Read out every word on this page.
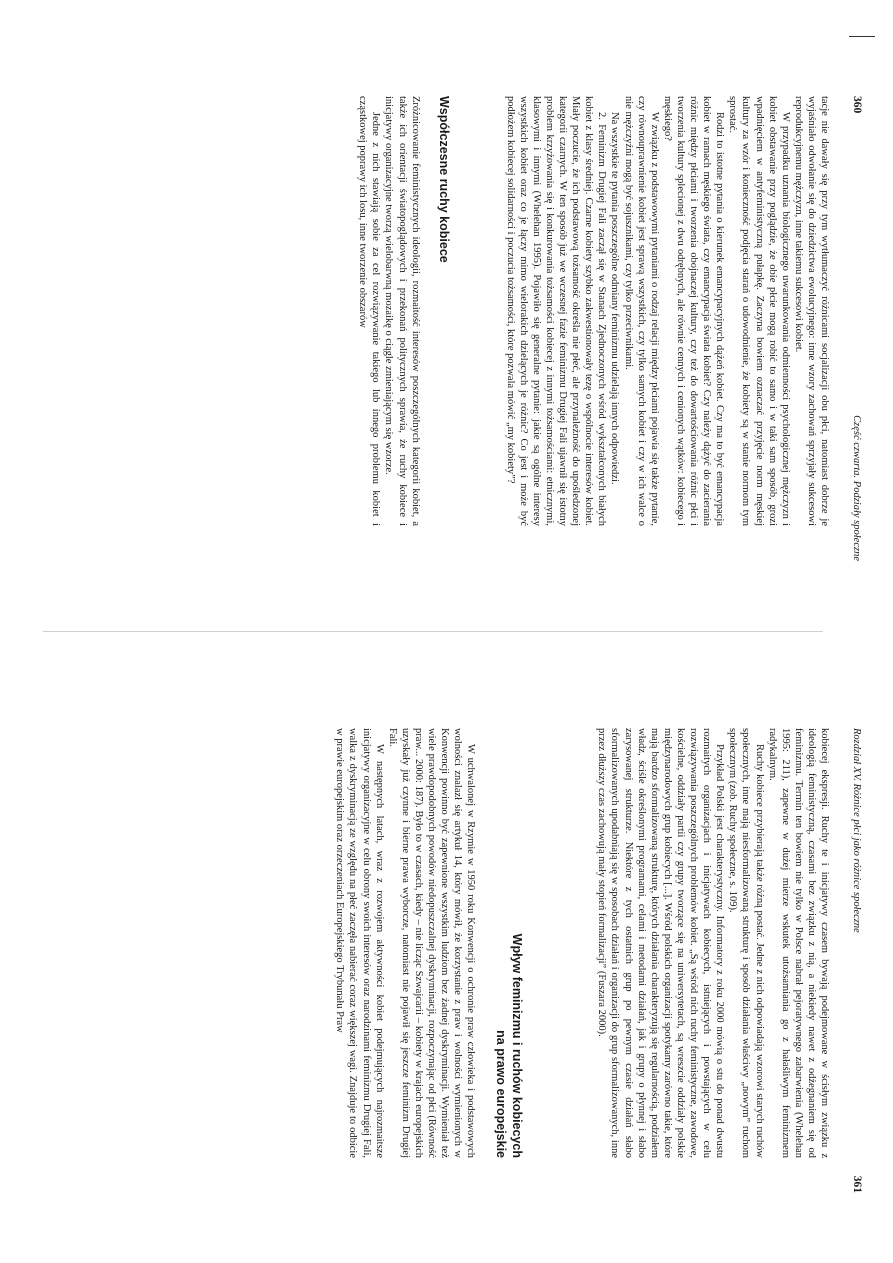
360
Część czwarta. Podziały społeczne

tacje nie dawały się przy tym wytłumaczyć różnicami socjalizacji obu płci, natomiast dobrze je wyjaśniało odwołanie się do dziedzictwa ewolucyjnego: inne wzory zachowań sprzyjały sukcesowi reprodukcyjnemu mężczyzn, inne takiemu sukcesowi kobiet.

W przypadku uznania biologicznego uwarunkowania odmienności psychologicznej mężczyzn i kobiet obstawanie przy poglądzie, że obie płcie mogą robić to samo i w taki sam sposób, grozi wpadnięciem w antyfeministyczną pułapkę. Zaczyna bowiem oznaczać przyjęcie norm męskiej kultury za wzór i konieczność podjęcia starań o udowodnienie, że kobiety są w stanie normom tym sprostać.

Rodzi to istotne pytania o kierunek emancypacyjnych dążeń kobiet. Czy ma to być emancypacja kobiet w ramach męskiego świata, czy emancypacja świata kobiet? Czy należy dążyć do zacierania różnic między płciami i tworzenia obojnaczej kultury, czy też do dowartościowania różnic płci i tworzenia kultury splecionej z dwu odrębnych, ale równie cennych i cenionych wątków: kobiecego i męskiego?

W związku z podstawowymi pytaniami o rodzaj relacji między płciami pojawia się także pytanie, czy równouprawnienie kobiet jest sprawą wszystkich, czy tylko samych kobiet i czy w ich walce o nie mężczyźni mogą być sojusznikami, czy tylko przeciwnikami.

Na wszystkie te pytania poszczególne odmiany feminizmu udzielają innych odpowiedzi.

2. Feminizm Drugiej Fali zaczął się w Stanach Zjednoczonych wśród wykształconych białych kobiet z klasy średniej. Czarne kobiety szybko zakwestionowały tezę o wspólnocie interesów kobiet. Miały poczucie, że ich podstawową tożsamość określa nie płeć, ale przynależność do upośledzonej kategorii czarnych. W ten sposób już we wczesnej fazie feminizmu Drugiej Fali ujawnił się istotny problem krzyżowania się i konkurowania tożsamości kobiecej z innymi tożsamościami: etnicznymi, klasowymi i innymi (Whelehan 1995). Pojawiło się generalne pytanie: jakie są ogólne interesy wszystkich kobiet oraz co je łączy mimo wielorakich dzielących je różnic? Co jest i może być podłożem kobiecej solidarności i poczucia tożsamości, które pozwala mówić „my kobiety”?

Współczesne ruchy kobiece

Zróżnicowanie feministycznych ideologii, rozmaitość interesów poszczególnych kategorii kobiet, a także ich orientacji światopoglądowych i przekonań politycznych sprawia, że ruchy kobiece i inicjatywy organizacyjne tworzą wielobarwną mozaikę o ciągle zmieniającym się wzorze.

Jedne z nich stawiają sobie za cel rozwiązywanie takiego lub innego problemu kobiet i cząstkowej poprawy ich losu, inne tworzenie obszarów

Rozdział XV. Różnice płci jako różnice społeczne
361

kobiecej ekspresji. Ruchy te i inicjatywy czasem bywają podejmowane w ścisłym związku z ideologią feministyczną, czasami bez związku z nią, a niekiedy nawet z odżegnaniem się od feminizmu. Termin ten bowiem nie tylko w Polsce nabrał pejoratywnego zabarwienia (Whelehan 1995: 211), zapewne w dużej mierze wskutek utożsamiania go z hałaśliwym feminizmem radykalnym.

Ruchy kobiece przybierają także różną postać. Jedne z nich odpowiadają wzorowi starych ruchów społecznych, inne mają niesformalizowaną strukturę i sposób działania właściwy „nowym” ruchom społecznym (zob. Ruchy społeczne, s. 109).

Przykład Polski jest charakterystyczny. Informatory z roku 2000 mówią o stu do ponad dwustu rozmaitych organizacjach i inicjatywach kobiecych, istniejących i powstających w celu rozwiązywania poszczególnych problemów kobiet. „Są wśród nich ruchy feministyczne, zawodowe, kościelne, oddziały partii czy grupy tworzące się na uniwersytetach, są wreszcie oddziały polskie międzynarodowych grup kobiecych [...]. Wśród polskich organizacji spotykamy zarówno takie, które mają bardzo sformalizowaną strukturę, których działania charakteryzują się regularnością, podziałem władz, ściśle określonymi programami, celami i metodami działań, jak i grupy o płynnej i słabo zarysowanej strukturze. Niektóre z tych ostatnich grup po pewnym czasie działań słabo sformalizowanych upodabniają się w sposobach działań i organizacji do grup sformalizowanych, inne przez dłuższy czas zachowują mały stopień formalizacji” (Fuszara 2000).

Wpływ feminizmu i ruchów kobiecych
na prawo europejskie

W uchwalonej w Rzymie w 1950 roku Konwencji o ochronie praw człowieka i podstawowych wolności znalazł się artykuł 14, który mówił, że korzystanie z praw i wolności wymienionych w Konwencji powinno być zapewnione wszystkim ludziom bez żadnej dyskryminacji. Wymieniał też wiele prawdopodobnych powodów niedopuszczalnej dyskryminacji, rozpoczynając od płci (Równość praw... 2000: 187). Było to w czasach, kiedy – nie licząc Szwajcarii – kobiety w krajach europejskich uzyskały już czynne i bierne prawa wyborcze, natomiast nie pojawił się jeszcze feminizm Drugiej Fali.

W następnych latach, wraz z rozwojem aktywności kobiet podejmujących najrozmaitsze inicjatywy organizacyjne w celu obrony swoich interesów oraz narodzinami feminizmu Drugiej Fali, walka z dyskryminacją ze względu na płeć zaczęła nabierać coraz większej wagi. Znajduje to odbicie w prawie europejskim oraz orzeczeniach Europejskiego Trybunału Praw
